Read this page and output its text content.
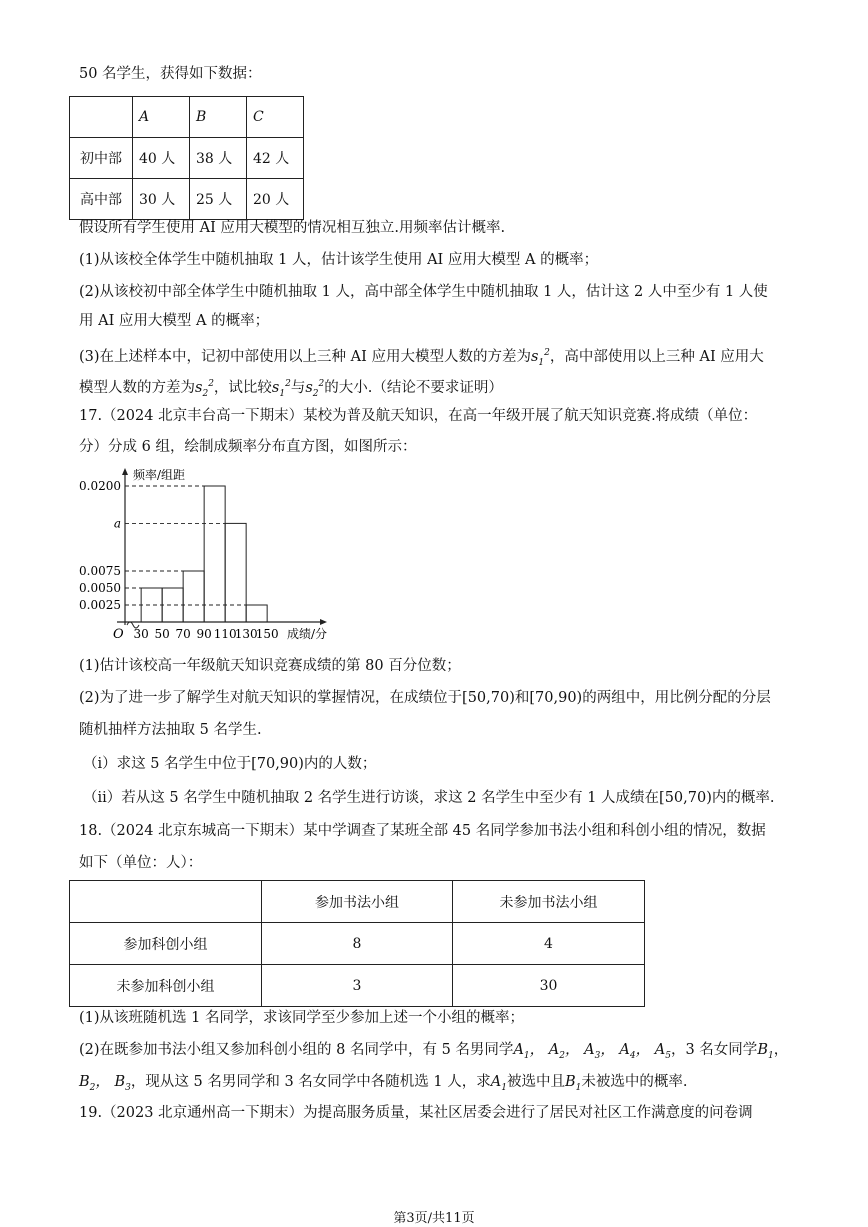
50 名学生，获得如下数据：
	A	B	C
初中部	40 人	38 人	42 人
高中部	30 人	25 人	20 人
假设所有学生使用 AI 应用大模型的情况相互独立.用频率估计概率.
(1)从该校全体学生中随机抽取 1 人，估计该学生使用 AI 应用大模型 A 的概率；
(2)从该校初中部全体学生中随机抽取 1 人，高中部全体学生中随机抽取 1 人，估计这 2 人中至少有 1 人使
用 AI 应用大模型 A 的概率；
(3)在上述样本中，记初中部使用以上三种 AI 应用大模型人数的方差为$s_1^2$，高中部使用以上三种 AI 应用大
模型人数的方差为$s_2^2$，试比较$s_1^2$与$s_2^2$的大小.（结论不要求证明）
17.（2024 北京丰台高一下期末）某校为普及航天知识，在高一年级开展了航天知识竞赛.将成绩（单位：
分）分成 6 组，绘制成频率分布直方图，如图所示：
0.0200
a
0.0075
0.0050
0.0025
30 50 70 90 110
130
150
O
频率/组距
成绩/分
(1)估计该校高一年级航天知识竞赛成绩的第 80 百分位数；
(2)为了进一步了解学生对航天知识的掌握情况，在成绩位于[50,70)和[70,90)的两组中，用比例分配的分层
随机抽样方法抽取 5 名学生.
（i）求这 5 名学生中位于[70,90)内的人数；
（ii）若从这 5 名学生中随机抽取 2 名学生进行访谈，求这 2 名学生中至少有 1 人成绩在[50,70)内的概率.
18.（2024 北京东城高一下期末）某中学调查了某班全部 45 名同学参加书法小组和科创小组的情况，数据
如下（单位：人）：
	参加书法小组	未参加书法小组
参加科创小组	8	4
未参加科创小组	3	30
(1)从该班随机选 1 名同学，求该同学至少参加上述一个小组的概率；
(2)在既参加书法小组又参加科创小组的 8 名同学中，有 5 名男同学$A_1$， $A_2$， $A_3$， $A_4$， $A_5$，3 名女同学$B_1$，
$B_2$， $B_3$，现从这 5 名男同学和 3 名女同学中各随机选 1 人，求$A_1$被选中且$B_1$未被选中的概率.
19.（2023 北京通州高一下期末）为提高服务质量，某社区居委会进行了居民对社区工作满意度的问卷调
第3页/共11页
